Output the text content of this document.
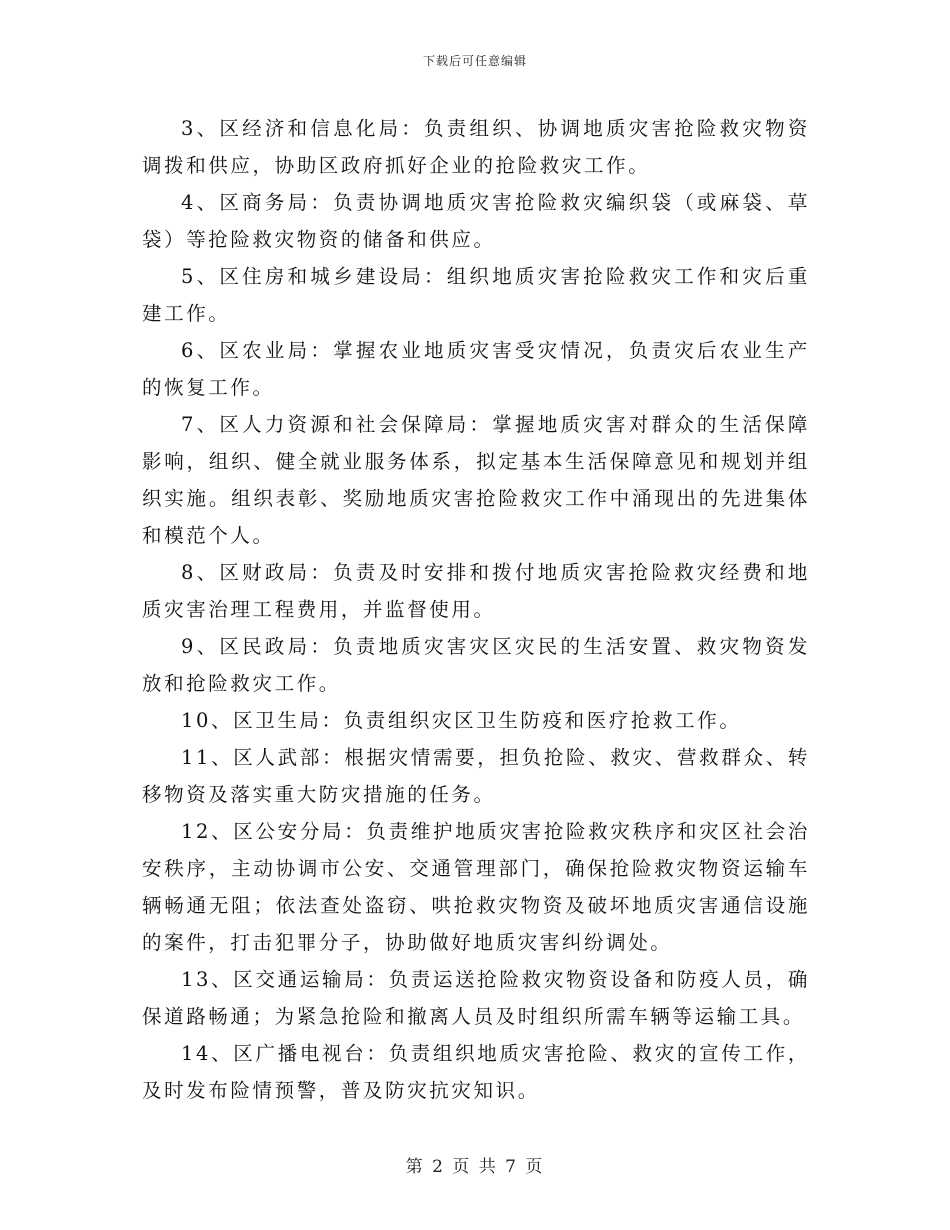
下载后可任意编辑

3、区经济和信息化局：负责组织、协调地质灾害抢险救灾物资调拨和供应，协助区政府抓好企业的抢险救灾工作。

4、区商务局：负责协调地质灾害抢险救灾编织袋（或麻袋、草袋）等抢险救灾物资的储备和供应。

5、区住房和城乡建设局：组织地质灾害抢险救灾工作和灾后重建工作。

6、区农业局：掌握农业地质灾害受灾情况，负责灾后农业生产的恢复工作。

7、区人力资源和社会保障局：掌握地质灾害对群众的生活保障影响，组织、健全就业服务体系，拟定基本生活保障意见和规划并组织实施。组织表彰、奖励地质灾害抢险救灾工作中涌现出的先进集体和模范个人。

8、区财政局：负责及时安排和拨付地质灾害抢险救灾经费和地质灾害治理工程费用，并监督使用。

9、区民政局：负责地质灾害灾区灾民的生活安置、救灾物资发放和抢险救灾工作。

10、区卫生局：负责组织灾区卫生防疫和医疗抢救工作。

11、区人武部：根据灾情需要，担负抢险、救灾、营救群众、转移物资及落实重大防灾措施的任务。

12、区公安分局：负责维护地质灾害抢险救灾秩序和灾区社会治安秩序，主动协调市公安、交通管理部门，确保抢险救灾物资运输车辆畅通无阻；依法查处盗窃、哄抢救灾物资及破坏地质灾害通信设施的案件，打击犯罪分子，协助做好地质灾害纠纷调处。

13、区交通运输局：负责运送抢险救灾物资设备和防疫人员，确保道路畅通；为紧急抢险和撤离人员及时组织所需车辆等运输工具。

14、区广播电视台：负责组织地质灾害抢险、救灾的宣传工作，及时发布险情预警，普及防灾抗灾知识。

第 2 页 共 7 页
